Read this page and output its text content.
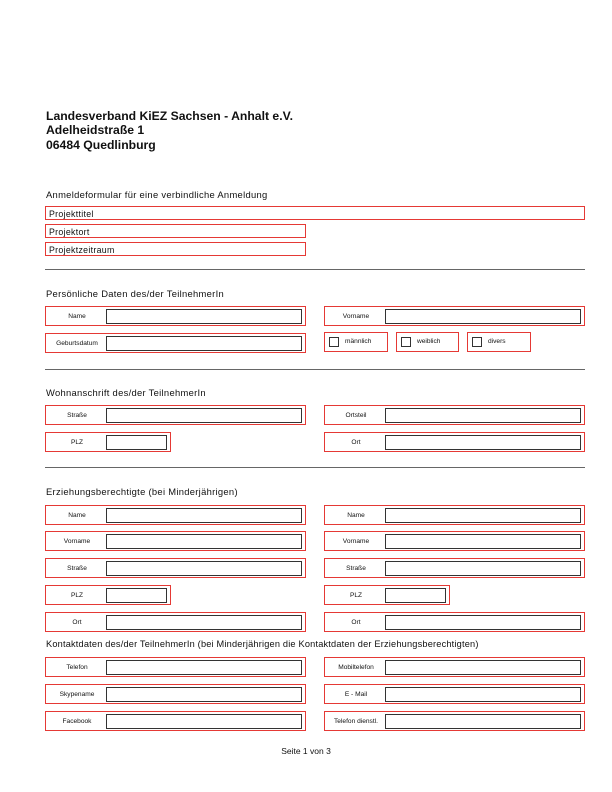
Landesverband KiEZ Sachsen - Anhalt e.V.
Adelheidstraße 1
06484 Quedlinburg
Anmeldeformular für eine verbindliche Anmeldung
Projekttitel
Projektort
Projektzeitraum
Persönliche Daten des/der TeilnehmerIn
Name	Vorname
Geburtsdatum	männlich	weiblich	divers
Wohnanschrift des/der TeilnehmerIn
Straße	Ortsteil
PLZ	Ort
Erziehungsberechtigte (bei Minderjährigen)
Name	Name
Vorname	Vorname
Straße	Straße
PLZ	PLZ
Ort	Ort
Kontaktdaten des/der TeilnehmerIn (bei Minderjährigen die Kontaktdaten der Erziehungsberechtigten)
Telefon	Mobiltelefon
Skypename	E - Mail
Facebook	Telefon dienstl.
Seite 1 von 3
